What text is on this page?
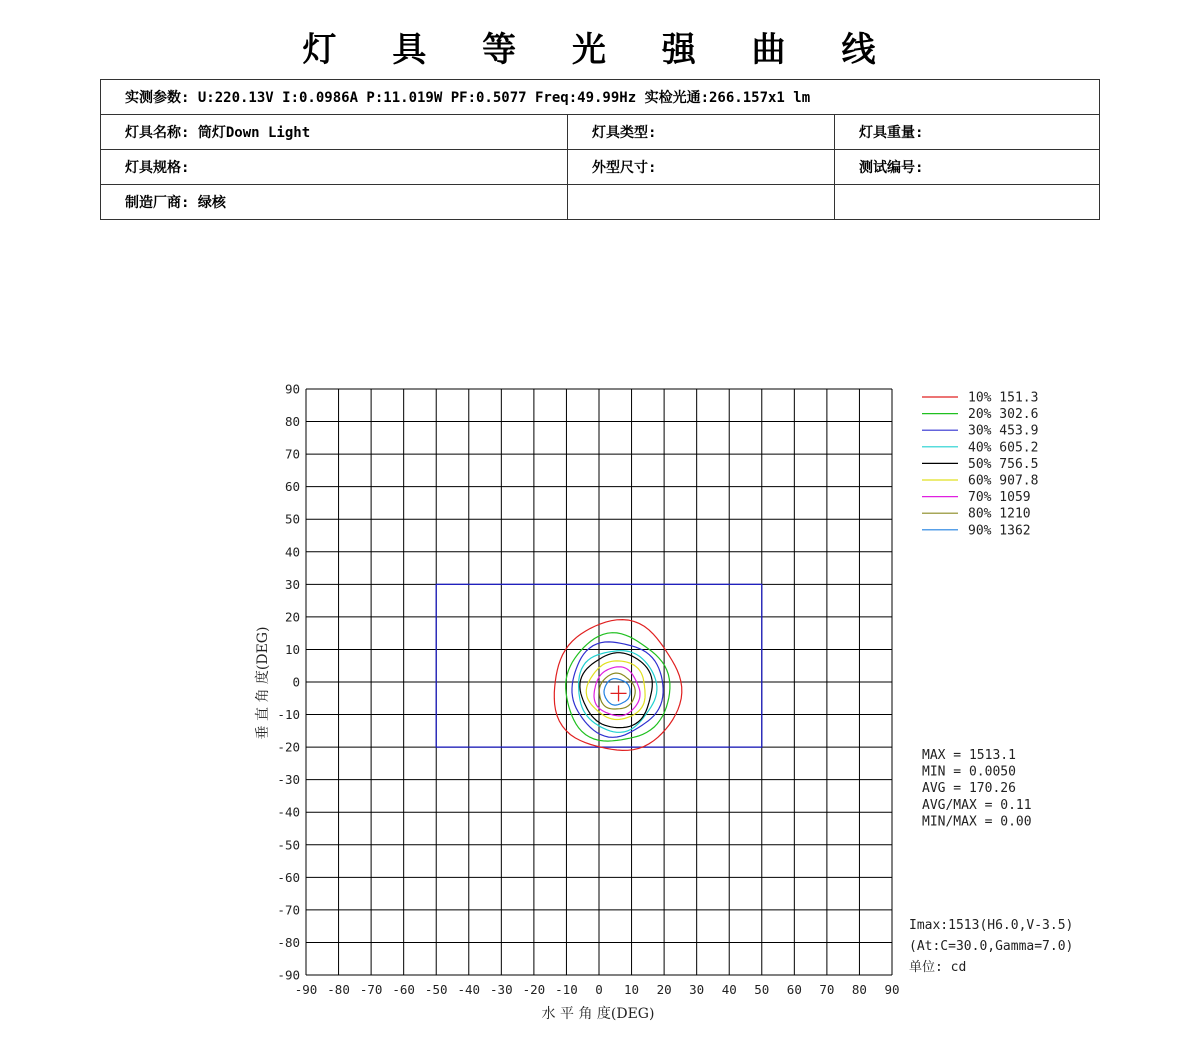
灯 具 等 光 强 曲 线
实测参数: U:220.13V I:0.0986A P:11.019W PF:0.5077 Freq:49.99Hz 实检光通:266.157x1 lm		
灯具名称: 筒灯Down Light	灯具类型:	灯具重量:
灯具规格:	外型尺寸:	测试编号:
制造厂商: 绿核		
-90 -80 -70 -60 -50 -40 -30 -20 -10 0 10 20 30 40 50 60 70 80 90
90
80
70
60
50
40
30
20
10
0
-10
-20
-30
-40
-50
-60
-70
-80
-90
水 平 角 度(DEG)
垂 直 角 度(DEG)
10% 151.3
20% 302.6
30% 453.9
40% 605.2
50% 756.5
60% 907.8
70% 1059
80% 1210
90% 1362
MAX = 1513.1
MIN = 0.0050
AVG = 170.26
AVG/MAX = 0.11
MIN/MAX = 0.00
Imax:1513(H6.0,V-3.5)
(At:C=30.0,Gamma=7.0)
单位: cd
